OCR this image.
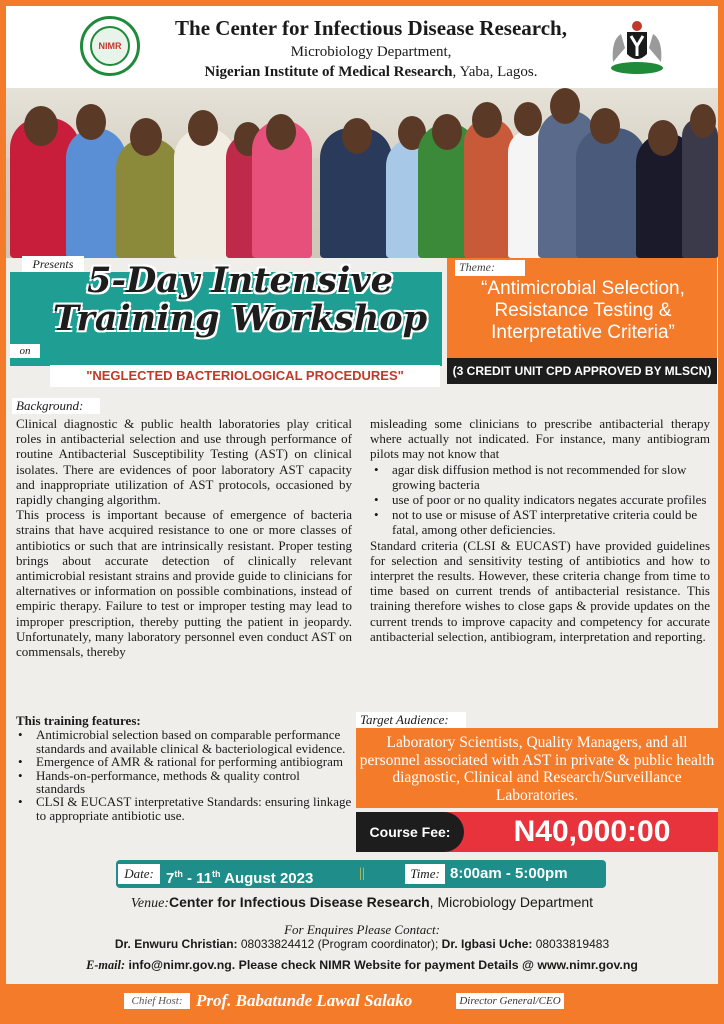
NIMR
The Center for Infectious Disease Research,
Microbiology Department,
Nigerian Institute of Medical Research, Yaba, Lagos.
Presents 5-Day Intensive
Training Workshop
on
"NEGLECTED BACTERIOLOGICAL PROCEDURES"
Theme:
“Antimicrobial Selection, Resistance Testing & Interpretative Criteria”
(3 CREDIT UNIT CPD APPROVED BY MLSCN)
Background:

Clinical diagnostic & public health laboratories play critical roles in antibacterial selection and use through performance of routine Antibacterial Susceptibility Testing (AST) on clinical isolates. There are evidences of poor laboratory AST capacity and inappropriate utilization of AST protocols, occasioned by rapidly changing algorithm.

This process is important because of emergence of bacteria strains that have acquired resistance to one or more classes of antibiotics or such that are intrinsically resistant. Proper testing brings about accurate detection of clinically relevant antimicrobial resistant strains and provide guide to clinicians for alternatives or information on possible combinations, instead of empiric therapy. Failure to test or improper testing may lead to improper prescription, thereby putting the patient in jeopardy. Unfortunately, many laboratory personnel even conduct AST on commensals, thereby

misleading some clinicians to prescribe antibacterial therapy where actually not indicated. For instance, many antibiogram pilots may not know that

• agar disk diffusion method is not recommended for slow growing bacteria
• use of poor or no quality indicators negates accurate profiles
• not to use or misuse of AST interpretative criteria could be fatal, among other deficiencies.

Standard criteria (CLSI & EUCAST) have provided guidelines for selection and sensitivity testing of antibiotics and how to interpret the results. However, these criteria change from time to time based on current trends of antibacterial resistance. This training therefore wishes to close gaps & provide updates on the current trends to improve capacity and competency for accurate antibacterial selection, antibiogram, interpretation and reporting.

This training features:
• Antimicrobial selection based on comparable performance standards and available clinical & bacteriological evidence.
• Emergence of AMR & rational for performing antibiogram
• Hands-on-performance, methods & quality control standards
• CLSI & EUCAST interpretative Standards: ensuring linkage to appropriate antibiotic use.
Target Audience:
Laboratory Scientists, Quality Managers, and all personnel associated with AST in private & public health diagnostic, Clinical and Research/Surveillance Laboratories.
Course Fee:	N40,000:00
Date: 7th - 11th August 2023	||	Time: 8:00am - 5:00pm
Venue:Center for Infectious Disease Research, Microbiology Department
For Enquires Please Contact:
Dr. Enwuru Christian: 08033824412 (Program coordinator); Dr. Igbasi Uche: 08033819483
E-mail: info@nimr.gov.ng. Please check NIMR Website for payment Details @ www.nimr.gov.ng
Chief Host: Prof. Babatunde Lawal Salako	Director General/CEO
